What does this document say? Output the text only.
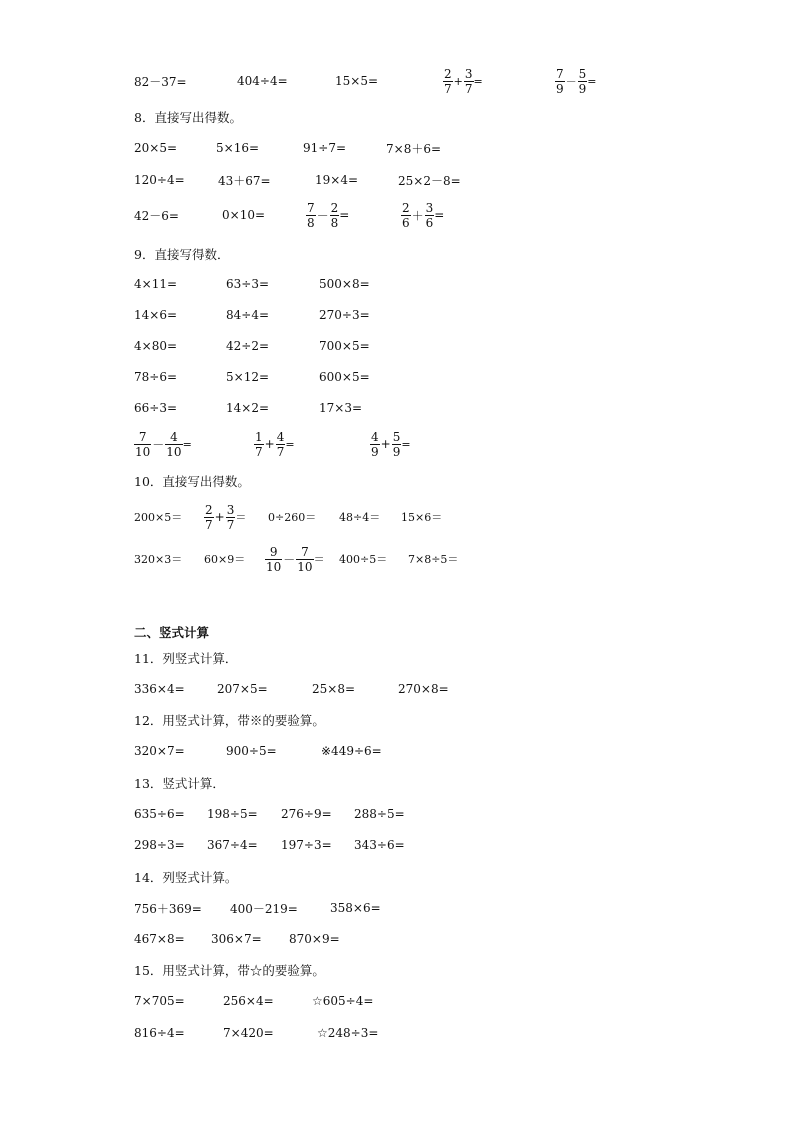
82－37=	404÷4=	15×5=	$\frac{2}{7} + \frac{3}{7}$ =	$\frac{7}{9} - \frac{5}{9}$ =
8．直接写出得数。
20×5=	5×16=	91÷7=	7×8＋6=
120÷4=	43＋67=	19×4=	25×2－8=
42－6=	0×10=	$\frac{7}{8} - \frac{2}{8}$ =	$\frac{2}{6} + \frac{3}{6}$ =
9．直接写得数．
4×11=	63÷3=	500×8=
14×6=	84÷4=	270÷3=
4×80=	42÷2=	700×5=
78÷6=	5×12=	600×5=
66÷3=	14×2=	17×3=
$\frac{7}{10} - \frac{4}{10}$ =	$\frac{1}{7} + \frac{4}{7}$ =	$\frac{4}{9} + \frac{5}{9}$ =
10．直接写出得数。
$200\times 5= \frac{2}{7} + \frac{3}{7} = 0\div 260= 48\div 4= 15\times 6=$
$320\times 3= 60\times 9= \frac{9}{10} - \frac{7}{10} = 400\div 5= 7\times 8\div 5=$
二、竖式计算
11．列竖式计算．
336×4=	207×5=	25×8=	270×8=
12．用竖式计算，带※的要验算。
320×7=	900÷5=	※449÷6=
13．竖式计算．
635÷6= 198÷5= 276÷9= 288÷5=
298÷3= 367÷4= 197÷3= 343÷6=
14．列竖式计算。
756＋369= 400－219=	358×6=
467×8= 306×7= 870×9=
15．用竖式计算，带☆的要验算。
7×705=	256×4=	☆605÷4=
816÷4=	7×420=	☆248÷3=
